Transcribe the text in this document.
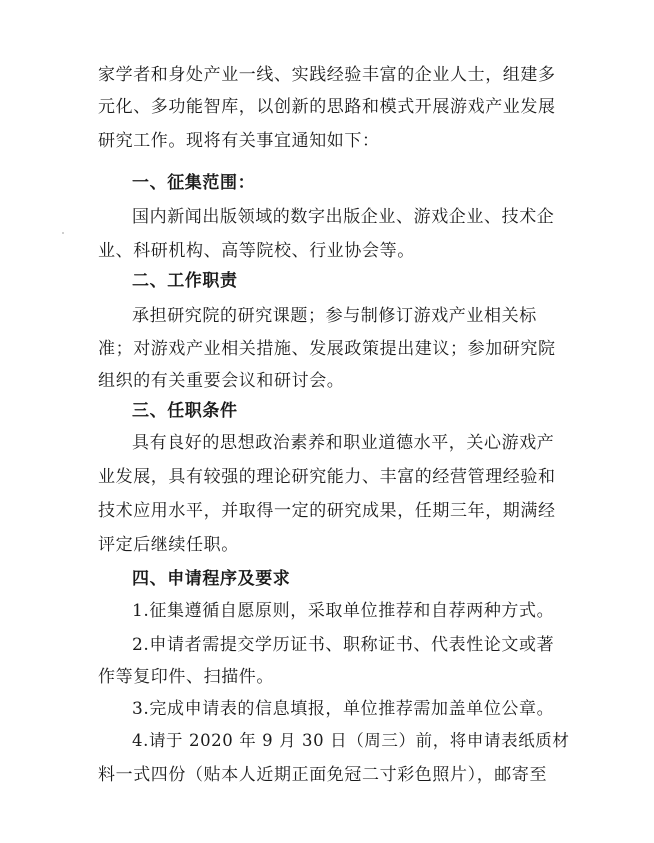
家学者和身处产业一线、实践经验丰富的企业人士，组建多
元化、多功能智库，以创新的思路和模式开展游戏产业发展
研究工作。现将有关事宜通知如下：
一、征集范围：
国内新闻出版领域的数字出版企业、游戏企业、技术企
业、科研机构、高等院校、行业协会等。
二、工作职责
承担研究院的研究课题；参与制修订游戏产业相关标
准；对游戏产业相关措施、发展政策提出建议；参加研究院
组织的有关重要会议和研讨会。
三、任职条件
具有良好的思想政治素养和职业道德水平，关心游戏产
业发展，具有较强的理论研究能力、丰富的经营管理经验和
技术应用水平，并取得一定的研究成果，任期三年，期满经
评定后继续任职。
四、申请程序及要求
1.征集遵循自愿原则，采取单位推荐和自荐两种方式。
2.申请者需提交学历证书、职称证书、代表性论文或著
作等复印件、扫描件。
3.完成申请表的信息填报，单位推荐需加盖单位公章。
4.请于 2020 年 9 月 30 日（周三）前，将申请表纸质材
料一式四份（贴本人近期正面免冠二寸彩色照片），邮寄至
